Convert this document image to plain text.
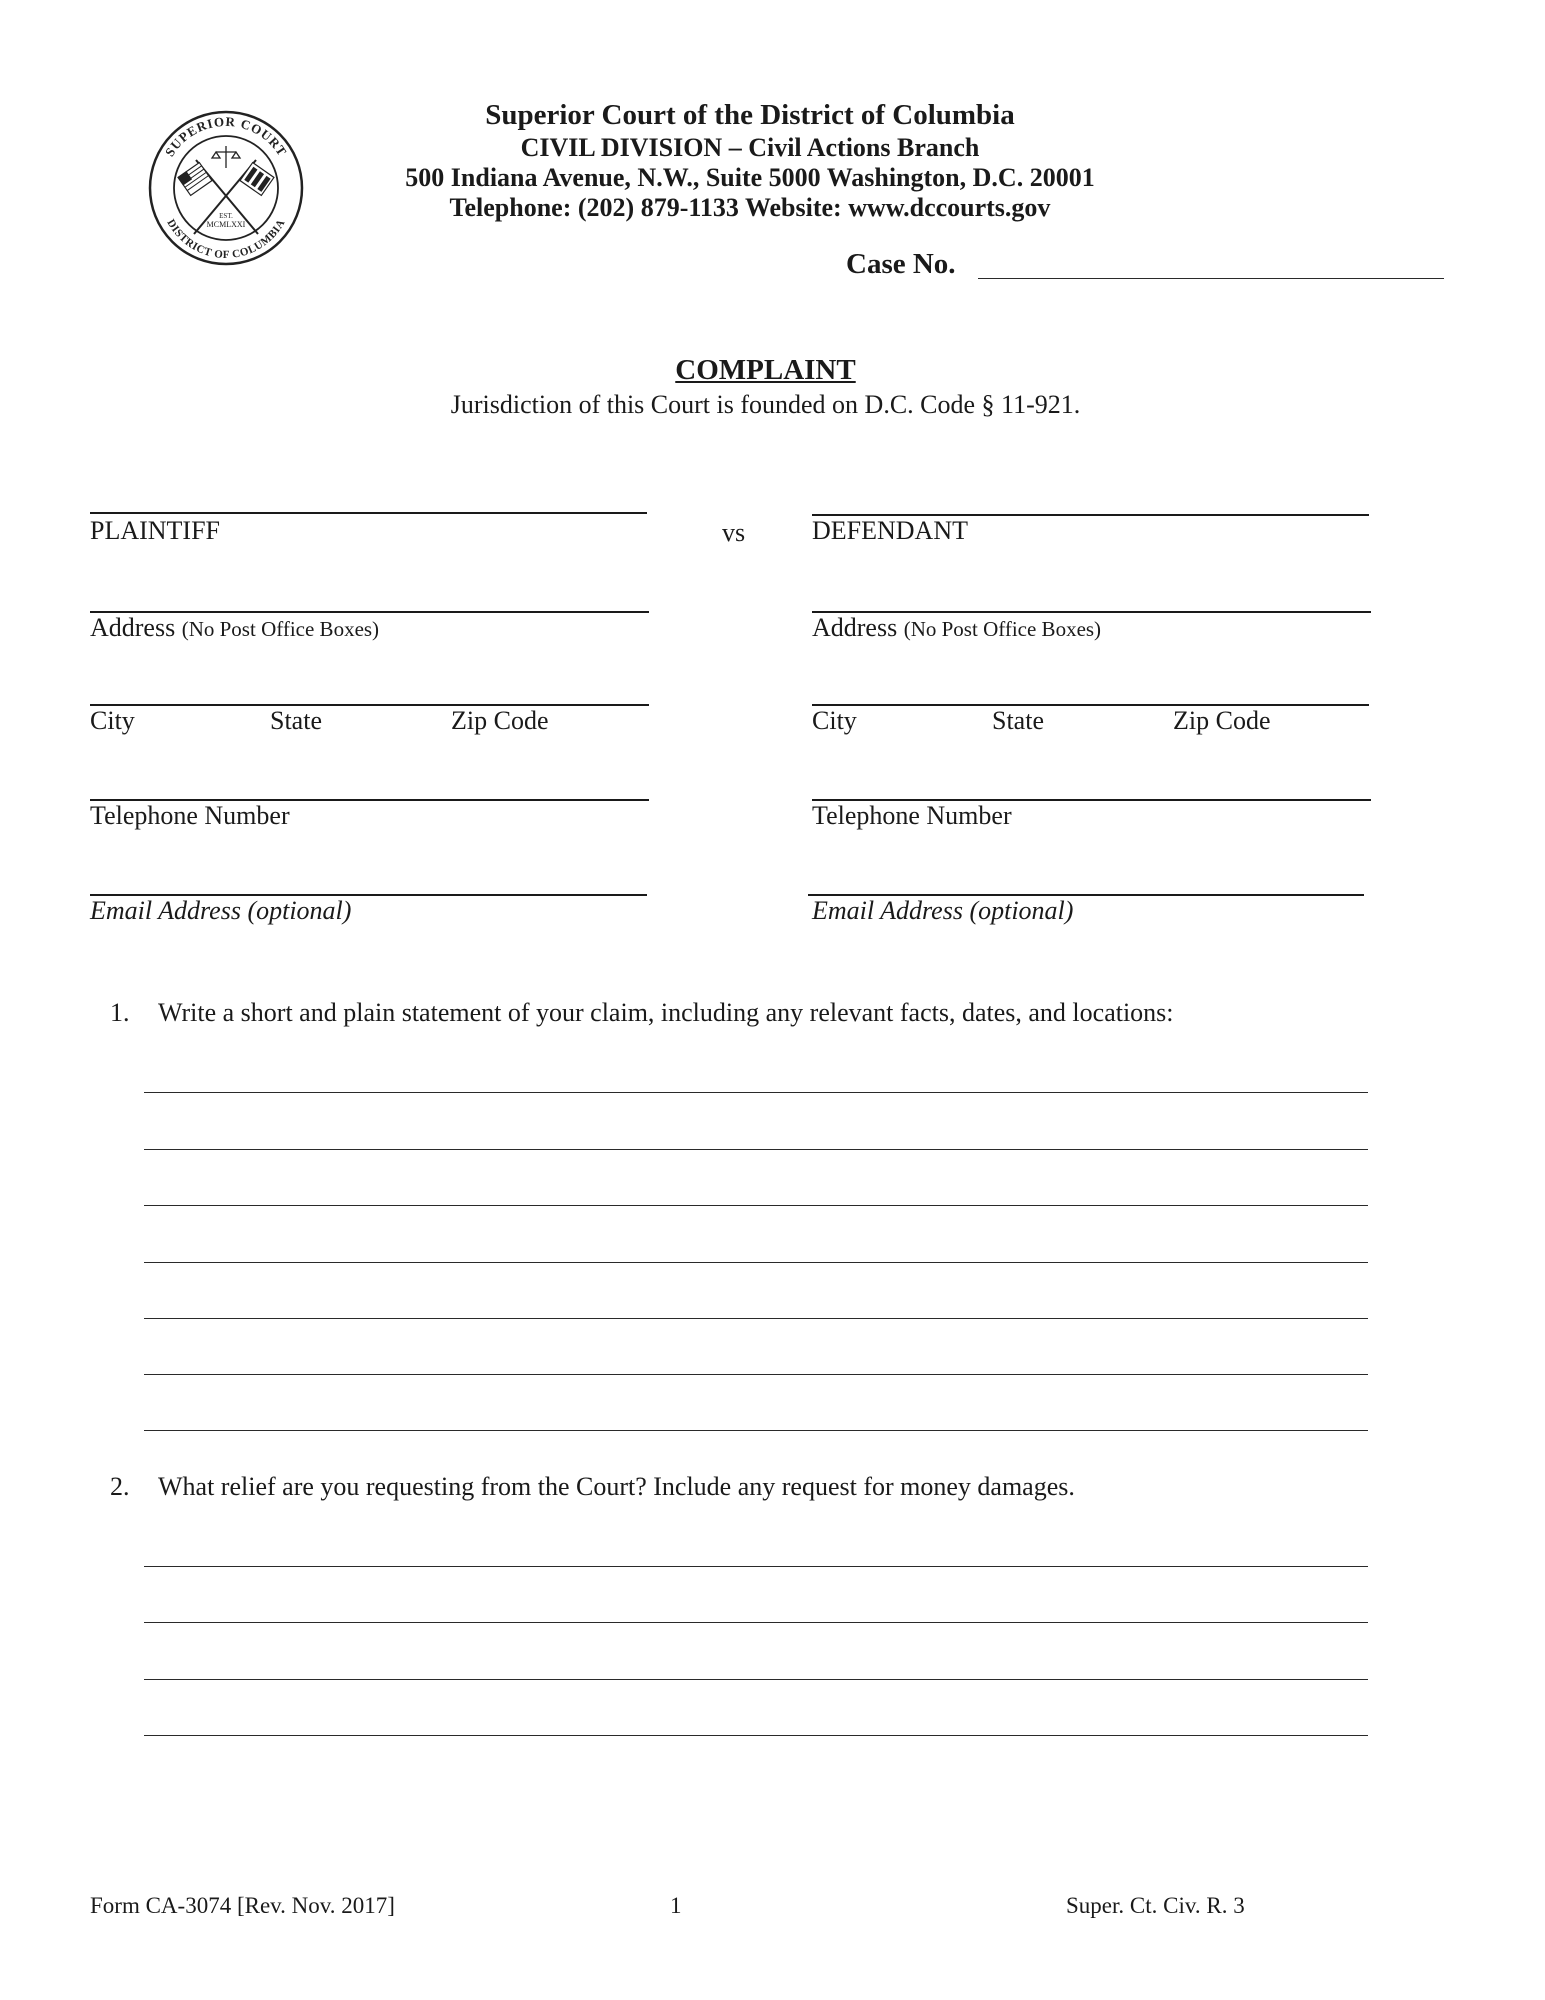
SUPERIOR COURT
DISTRICT OF COLUMBIA
EST.
MCMLXXI
Superior Court of the District of Columbia
CIVIL DIVISION – Civil Actions Branch
500 Indiana Avenue, N.W., Suite 5000 Washington, D.C. 20001
Telephone: (202) 879-1133 Website: www.dccourts.gov
Case No.
COMPLAINT
Jurisdiction of this Court is founded on D.C. Code § 11-921.
PLAINTIFF
Address (No Post Office Boxes)
City	State	Zip Code
Telephone Number
Email Address (optional)
vs	DEFENDANT
Address (No Post Office Boxes)
City	State	Zip Code
Telephone Number
Email Address (optional)
1. Write a short and plain statement of your claim, including any relevant facts, dates, and locations:
2. What relief are you requesting from the Court? Include any request for money damages.
Form CA-3074 [Rev. Nov. 2017]	1	Super. Ct. Civ. R. 3
